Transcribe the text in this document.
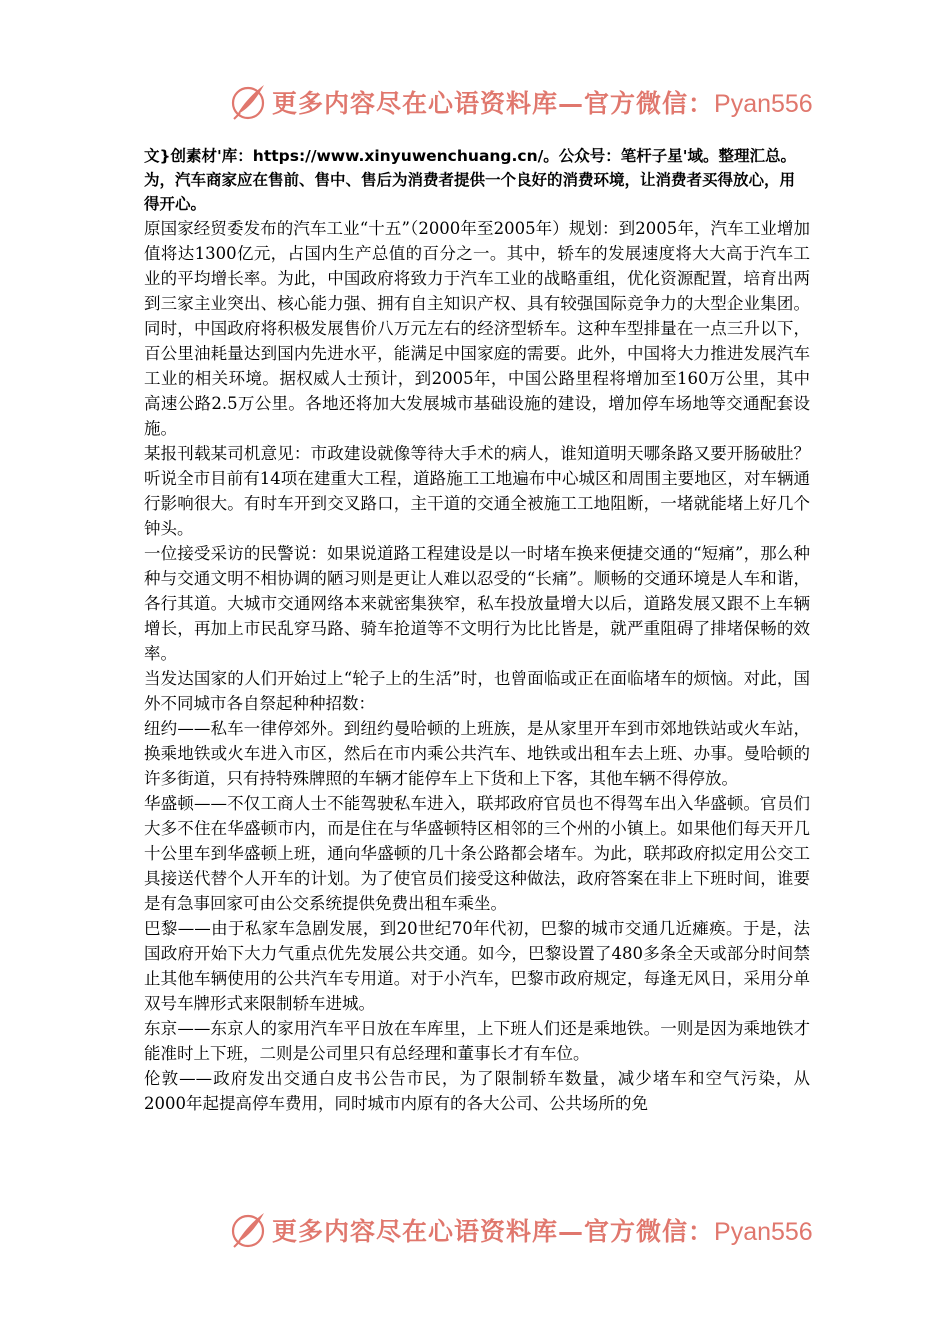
更多内容尽在心语资料库—官方微信：Pyan556
文}创素材'库：https://www.xinyuwenchuang.cn/。公众号：笔杆子星'域。整理汇总。
为，汽车商家应在售前、售中、售后为消费者提供一个良好的消费环境，让消费者买得放心，用得开心。

原国家经贸委发布的汽车工业“十五”（2000年至2005年）规划：到2005年，汽车工业增加值将达1300亿元，占国内生产总值的百分之一。其中，轿车的发展速度将大大高于汽车工业的平均增长率。为此，中国政府将致力于汽车工业的战略重组，优化资源配置，培育出两到三家主业突出、核心能力强、拥有自主知识产权、具有较强国际竞争力的大型企业集团。同时，中国政府将积极发展售价八万元左右的经济型轿车。这种车型排量在一点三升以下，百公里油耗量达到国内先进水平，能满足中国家庭的需要。此外，中国将大力推进发展汽车工业的相关环境。据权威人士预计，到2005年，中国公路里程将增加至160万公里，其中高速公路2.5万公里。各地还将加大发展城市基础设施的建设，增加停车场地等交通配套设施。

某报刊载某司机意见：市政建设就像等待大手术的病人，谁知道明天哪条路又要开肠破肚？听说全市目前有14项在建重大工程，道路施工工地遍布中心城区和周围主要地区，对车辆通行影响很大。有时车开到交叉路口，主干道的交通全被施工工地阻断，一堵就能堵上好几个钟头。

一位接受采访的民警说：如果说道路工程建设是以一时堵车换来便捷交通的“短痛”，那么种种与交通文明不相协调的陋习则是更让人难以忍受的“长痛”。顺畅的交通环境是人车和谐，各行其道。大城市交通网络本来就密集狭窄，私车投放量增大以后，道路发展又跟不上车辆增长，再加上市民乱穿马路、骑车抢道等不文明行为比比皆是，就严重阻碍了排堵保畅的效率。

当发达国家的人们开始过上“轮子上的生活”时，也曾面临或正在面临堵车的烦恼。对此，国外不同城市各自祭起种种招数：

纽约——私车一律停郊外。到纽约曼哈顿的上班族，是从家里开车到市郊地铁站或火车站，换乘地铁或火车进入市区，然后在市内乘公共汽车、地铁或出租车去上班、办事。曼哈顿的许多街道，只有持特殊牌照的车辆才能停车上下货和上下客，其他车辆不得停放。

华盛顿——不仅工商人士不能驾驶私车进入，联邦政府官员也不得驾车出入华盛顿。官员们大多不住在华盛顿市内，而是住在与华盛顿特区相邻的三个州的小镇上。如果他们每天开几十公里车到华盛顿上班，通向华盛顿的几十条公路都会堵车。为此，联邦政府拟定用公交工具接送代替个人开车的计划。为了使官员们接受这种做法，政府答案在非上下班时间，谁要是有急事回家可由公交系统提供免费出租车乘坐。

巴黎——由于私家车急剧发展，到20世纪70年代初，巴黎的城市交通几近瘫痪。于是，法国政府开始下大力气重点优先发展公共交通。如今，巴黎设置了480多条全天或部分时间禁止其他车辆使用的公共汽车专用道。对于小汽车，巴黎市政府规定，每逢无风日，采用分单双号车牌形式来限制轿车进城。

东京——东京人的家用汽车平日放在车库里，上下班人们还是乘地铁。一则是因为乘地铁才能准时上下班，二则是公司里只有总经理和董事长才有车位。

伦敦——政府发出交通白皮书公告市民，为了限制轿车数量，减少堵车和空气污染，从2000年起提高停车费用，同时城市内原有的各大公司、公共场所的免

更多内容尽在心语资料库—官方微信：Pyan556
